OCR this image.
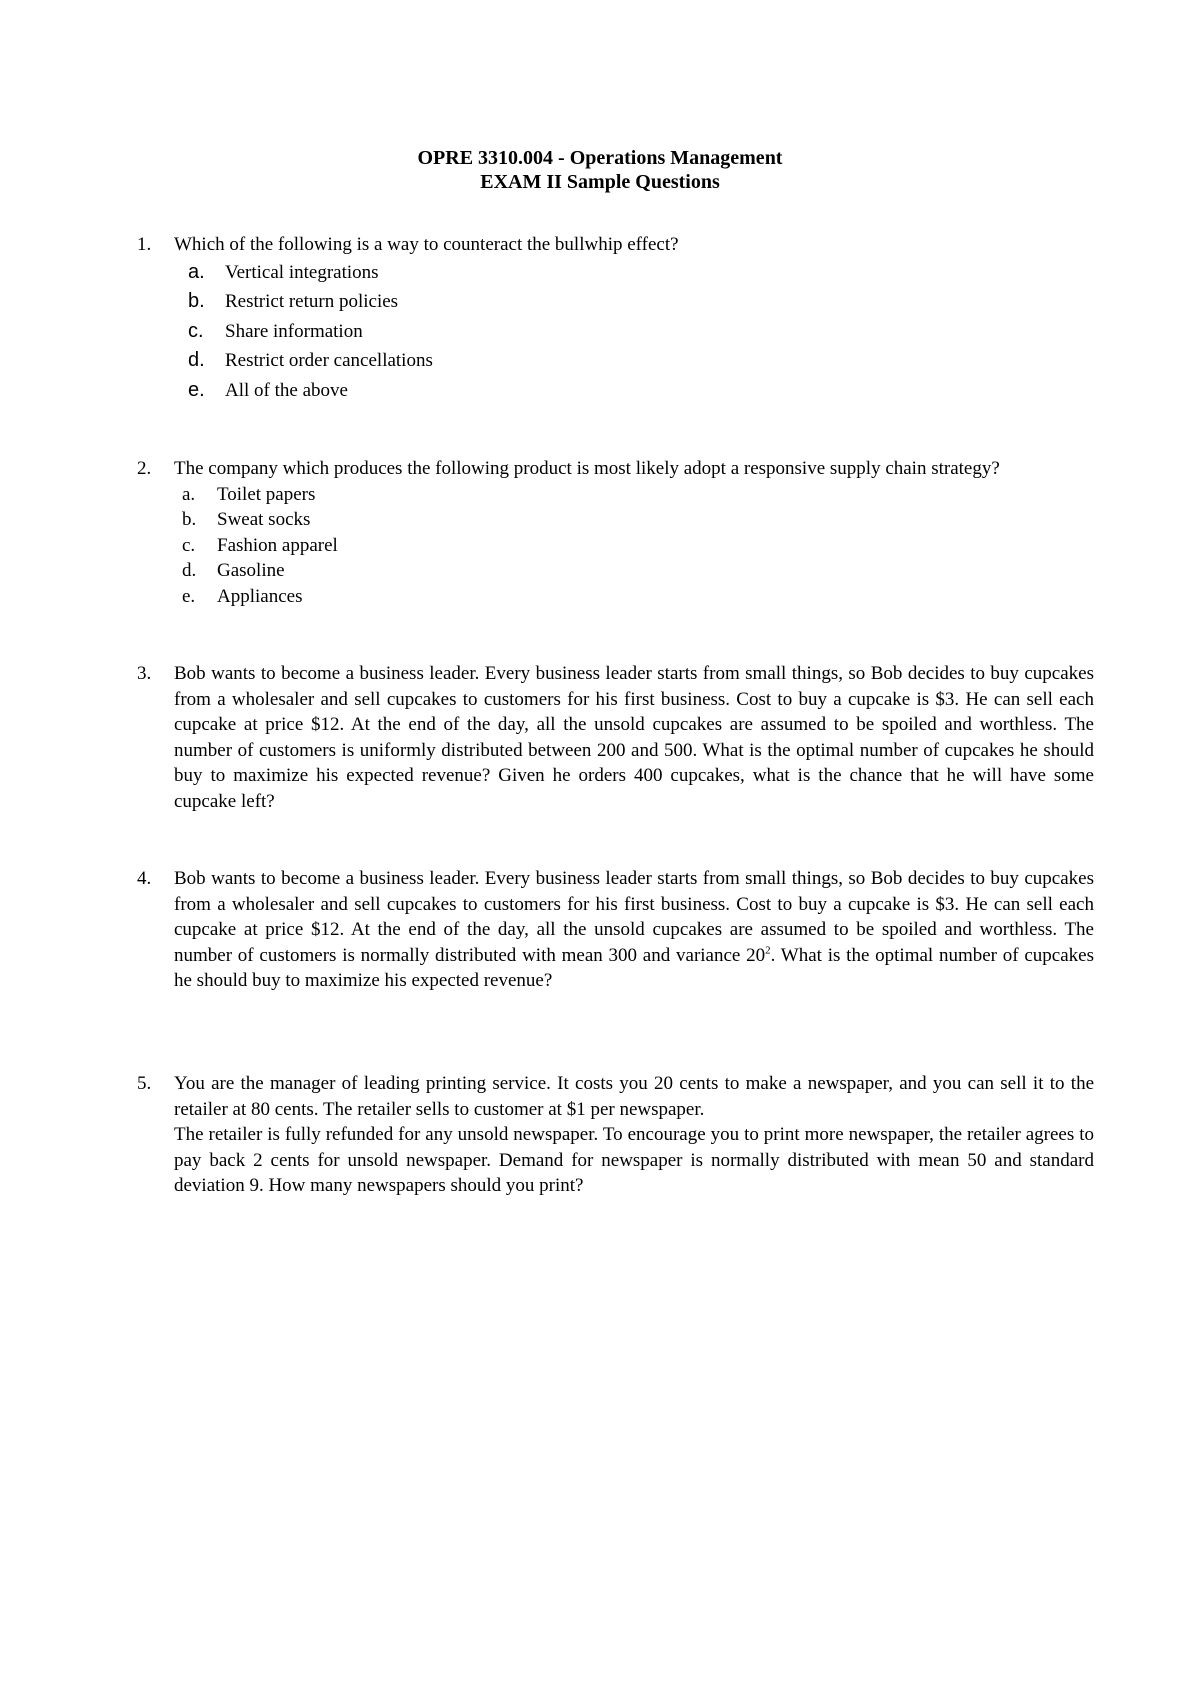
OPRE 3310.004 - Operations Management
EXAM II Sample Questions
1. Which of the following is a way to counteract the bullwhip effect?
a. Vertical integrations
b. Restrict return policies
c. Share information
d. Restrict order cancellations
e. All of the above
2. The company which produces the following product is most likely adopt a responsive supply chain strategy?
a. Toilet papers
b. Sweat socks
c. Fashion apparel
d. Gasoline
e. Appliances
3. Bob wants to become a business leader. Every business leader starts from small things, so Bob decides to buy cupcakes from a wholesaler and sell cupcakes to customers for his first business. Cost to buy a cupcake is $3. He can sell each cupcake at price $12. At the end of the day, all the unsold cupcakes are assumed to be spoiled and worthless. The number of customers is uniformly distributed between 200 and 500. What is the optimal number of cupcakes he should buy to maximize his expected revenue? Given he orders 400 cupcakes, what is the chance that he will have some cupcake left?
4. Bob wants to become a business leader. Every business leader starts from small things, so Bob decides to buy cupcakes from a wholesaler and sell cupcakes to customers for his first business. Cost to buy a cupcake is $3. He can sell each cupcake at price $12. At the end of the day, all the unsold cupcakes are assumed to be spoiled and worthless. The number of customers is normally distributed with mean 300 and variance $20^2$. What is the optimal number of cupcakes he should buy to maximize his expected revenue?
5. You are the manager of leading printing service. It costs you 20 cents to make a newspaper, and you can sell it to the retailer at 80 cents. The retailer sells to customer at $1 per newspaper.

The retailer is fully refunded for any unsold newspaper. To encourage you to print more newspaper, the retailer agrees to pay back 2 cents for unsold newspaper. Demand for newspaper is normally distributed with mean 50 and standard deviation 9. How many newspapers should you print?
